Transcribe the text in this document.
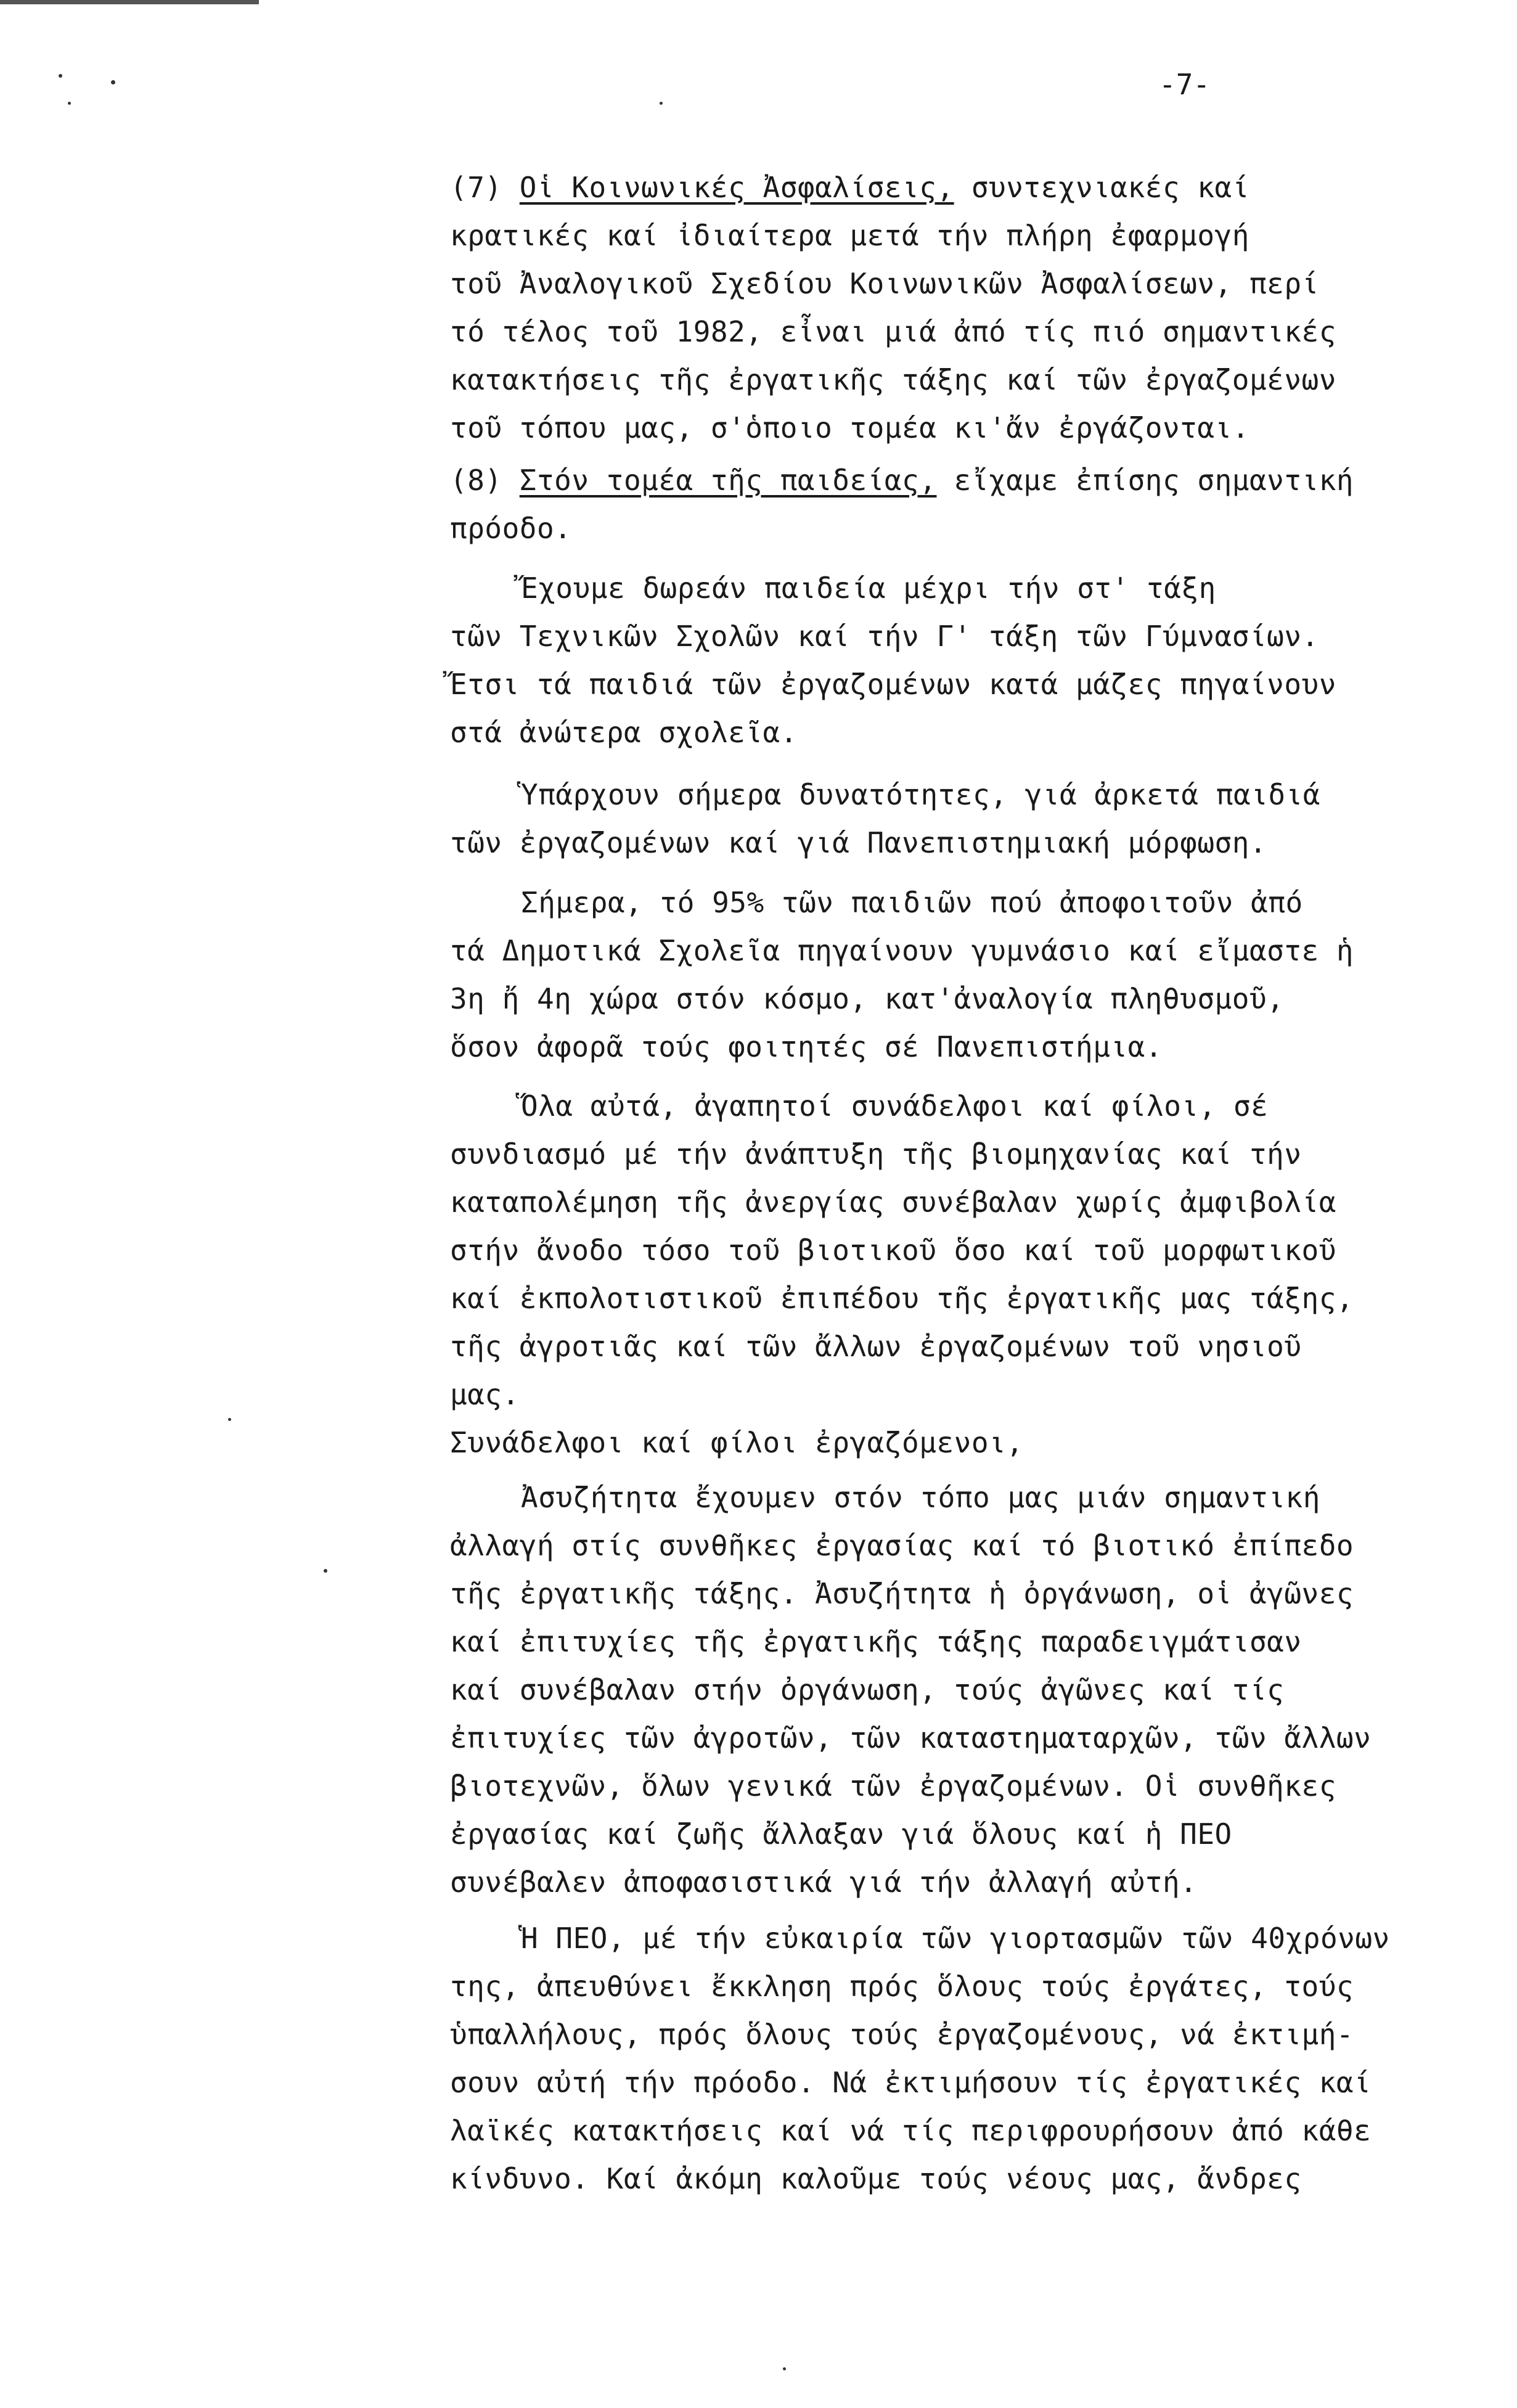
-7-
(7) Οἱ Κοινωνικές Ἀσφαλίσεις, συντεχνιακές καί
κρατικές καί ἰδιαίτερα μετά τήν πλήρη ἐφαρμογή
τοῦ Ἀναλογικοῦ Σχεδίου Κοινωνικῶν Ἀσφαλίσεων, περί
τό τέλος τοῦ 1982, εἶναι μιά ἀπό τίς πιό σημαντικές
κατακτήσεις τῆς ἐργατικῆς τάξης καί τῶν ἐργαζομένων
τοῦ τόπου μας, σ'ὁποιο τομέα κι'ἄν ἐργάζονται.
(8) Στόν τομέα τῆς παιδείας, εἴχαμε ἐπίσης σημαντική
πρόοδο.
Ἔχουμε δωρεάν παιδεία μέχρι τήν στ' τάξη
τῶν Τεχνικῶν Σχολῶν καί τήν Γ' τάξη τῶν Γύμνασίων.
Ἔτσι τά παιδιά τῶν ἐργαζομένων κατά μάζες πηγαίνουν
στά ἀνώτερα σχολεῖα.
Ὑπάρχουν σήμερα δυνατότητες, γιά ἀρκετά παιδιά
τῶν ἐργαζομένων καί γιά Πανεπιστημιακή μόρφωση.
Σήμερα, τό 95% τῶν παιδιῶν πού ἀποφοιτοῦν ἀπό
τά Δημοτικά Σχολεῖα πηγαίνουν γυμνάσιο καί εἴμαστε ἡ
3η ἤ 4η χώρα στόν κόσμο, κατ'ἀναλογία πληθυσμοῦ,
ὅσον ἀφορᾶ τούς φοιτητές σέ Πανεπιστήμια.
Ὅλα αὐτά, ἀγαπητοί συνάδελφοι καί φίλοι, σέ
συνδιασμό μέ τήν ἀνάπτυξη τῆς βιομηχανίας καί τήν
καταπολέμηση τῆς ἀνεργίας συνέβαλαν χωρίς ἀμφιβολία
στήν ἄνοδο τόσο τοῦ βιοτικοῦ ὅσο καί τοῦ μορφωτικοῦ
καί ἐκπολοτιστικοῦ ἐπιπέδου τῆς ἐργατικῆς μας τάξης,
τῆς ἀγροτιᾶς καί τῶν ἄλλων ἐργαζομένων τοῦ νησιοῦ
μας.
Συνάδελφοι καί φίλοι ἐργαζόμενοι,
Ἀσυζήτητα ἔχουμεν στόν τόπο μας μιάν σημαντική
ἀλλαγή στίς συνθῆκες ἐργασίας καί τό βιοτικό ἐπίπεδο
τῆς ἐργατικῆς τάξης. Ἀσυζήτητα ἡ ὀργάνωση, οἱ ἀγῶνες
καί ἐπιτυχίες τῆς ἐργατικῆς τάξης παραδειγμάτισαν
καί συνέβαλαν στήν ὀργάνωση, τούς ἀγῶνες καί τίς
ἐπιτυχίες τῶν ἀγροτῶν, τῶν καταστηματαρχῶν, τῶν ἄλλων
βιοτεχνῶν, ὅλων γενικά τῶν ἐργαζομένων. Οἱ συνθῆκες
ἐργασίας καί ζωῆς ἄλλαξαν γιά ὅλους καί ἡ ΠΕΟ
συνέβαλεν ἀποφασιστικά γιά τήν ἀλλαγή αὐτή.
Ἡ ΠΕΟ, μέ τήν εὐκαιρία τῶν γιορτασμῶν τῶν 40χρόνων
της, ἀπευθύνει ἔκκληση πρός ὅλους τούς ἐργάτες, τούς
ὑπαλλήλους, πρός ὅλους τούς ἐργαζομένους, νά ἐκτιμή-
σουν αὐτή τήν πρόοδο. Νά ἐκτιμήσουν τίς ἐργατικές καί
λαϊκές κατακτήσεις καί νά τίς περιφρουρήσουν ἀπό κάθε
κίνδυνο. Καί ἀκόμη καλοῦμε τούς νέους μας, ἄνδρες
